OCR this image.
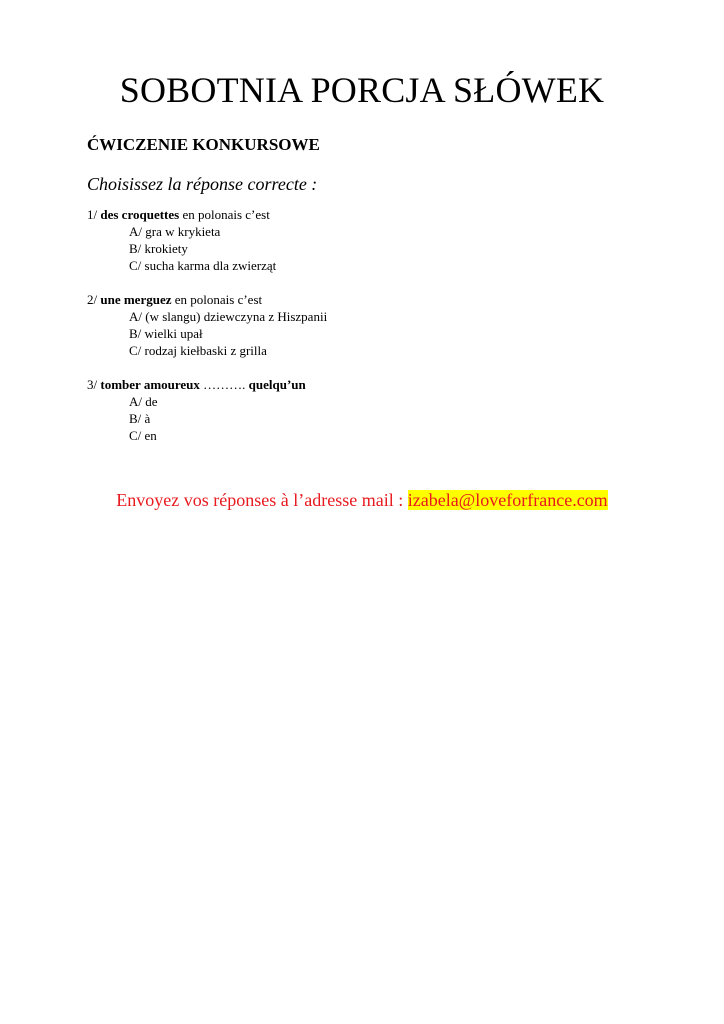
SOBOTNIA PORCJA SŁÓWEK
ĆWICZENIE KONKURSOWE
Choisissez la réponse correcte :
1/ des croquettes en polonais c’est
A/ gra w krykieta
B/ krokiety
C/ sucha karma dla zwierząt
2/ une merguez en polonais c’est
A/ (w slangu) dziewczyna z Hiszpanii
B/ wielki upał
C/ rodzaj kiełbaski z grilla
3/ tomber amoureux ………. quelqu’un
A/ de
B/ à
C/ en
Envoyez vos réponses à l’adresse mail : izabela@loveforfrance.com
